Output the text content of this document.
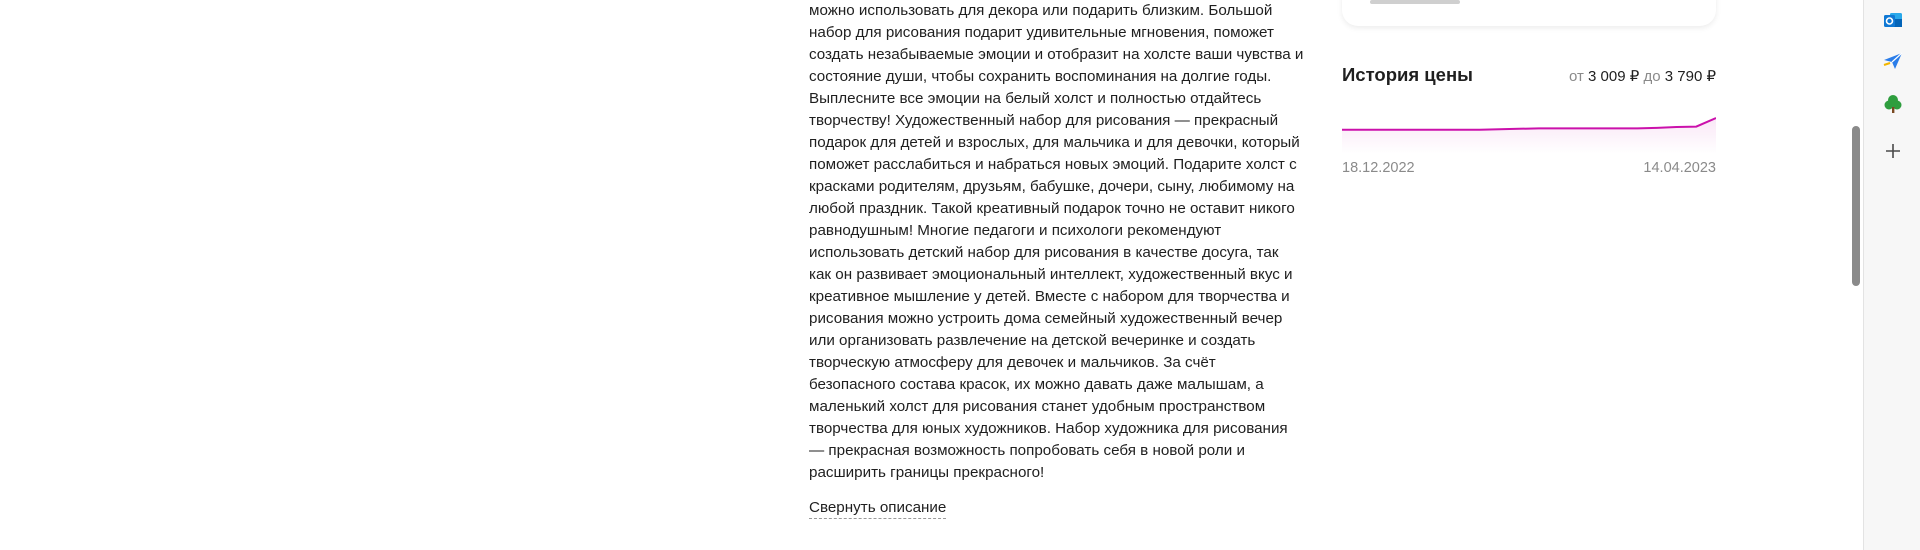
можно использовать для декора или подарить близким. Большой набор для рисования подарит удивительные мгновения, поможет создать незабываемые эмоции и отобразит на холсте ваши чувства и состояние души, чтобы сохранить воспоминания на долгие годы. Выплесните все эмоции на белый холст и полностью отдайтесь творчеству! Художественный набор для рисования — прекрасный подарок для детей и взрослых, для мальчика и для девочки, который поможет расслабиться и набраться новых эмоций. Подарите холст с красками родителям, друзьям, бабушке, дочери, сыну, любимому на любой праздник. Такой креативный подарок точно не оставит никого равнодушным! Многие педагоги и психологи рекомендуют использовать детский набор для рисования в качестве досуга, так как он развивает эмоциональный интеллект, художественный вкус и креативное мышление у детей. Вместе с набором для творчества и рисования можно устроить дома семейный художественный вечер или организовать развлечение на детской вечеринке и создать творческую атмосферу для девочек и мальчиков. За счёт безопасного состава красок, их можно давать даже малышам, а маленький холст для рисования станет удобным пространством творчества для юных художников. Набор художника для рисования — прекрасная возможность попробовать себя в новой роли и расширить границы прекрасного!

Свернуть описание
История цены	от 3 009 ₽ до 3 790 ₽
18.12.2022	14.04.2023
